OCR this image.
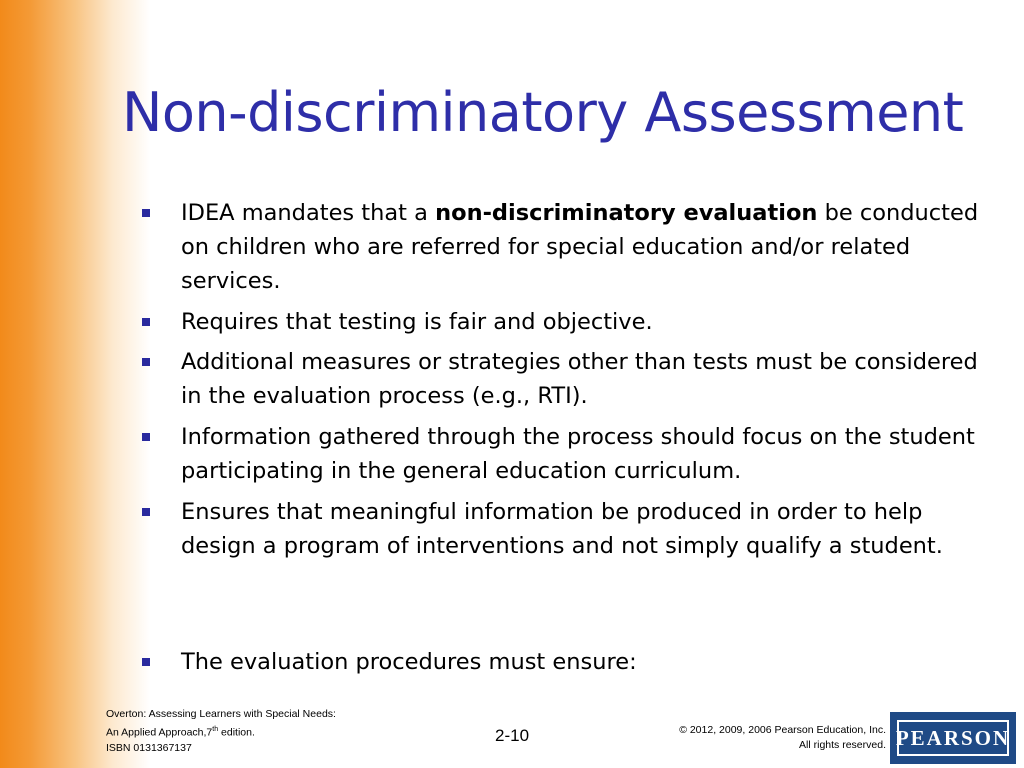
Non-discriminatory Assessment
IDEA mandates that a non-discriminatory evaluation be conducted on children who are referred for special education and/or related services.
Requires that testing is fair and objective.
Additional measures or strategies other than tests must be considered in the evaluation process (e.g., RTI).
Information gathered through the process should focus on the student participating in the general education curriculum.
Ensures that meaningful information be produced in order to help design a program of interventions and not simply qualify a student.
The evaluation procedures must ensure:
Overton: Assessing Learners with Special Needs:
An Applied Approach,7th edition.
ISBN 0131367137
2-10	© 2012, 2009, 2006 Pearson Education, Inc.
All rights reserved. PEARSON
